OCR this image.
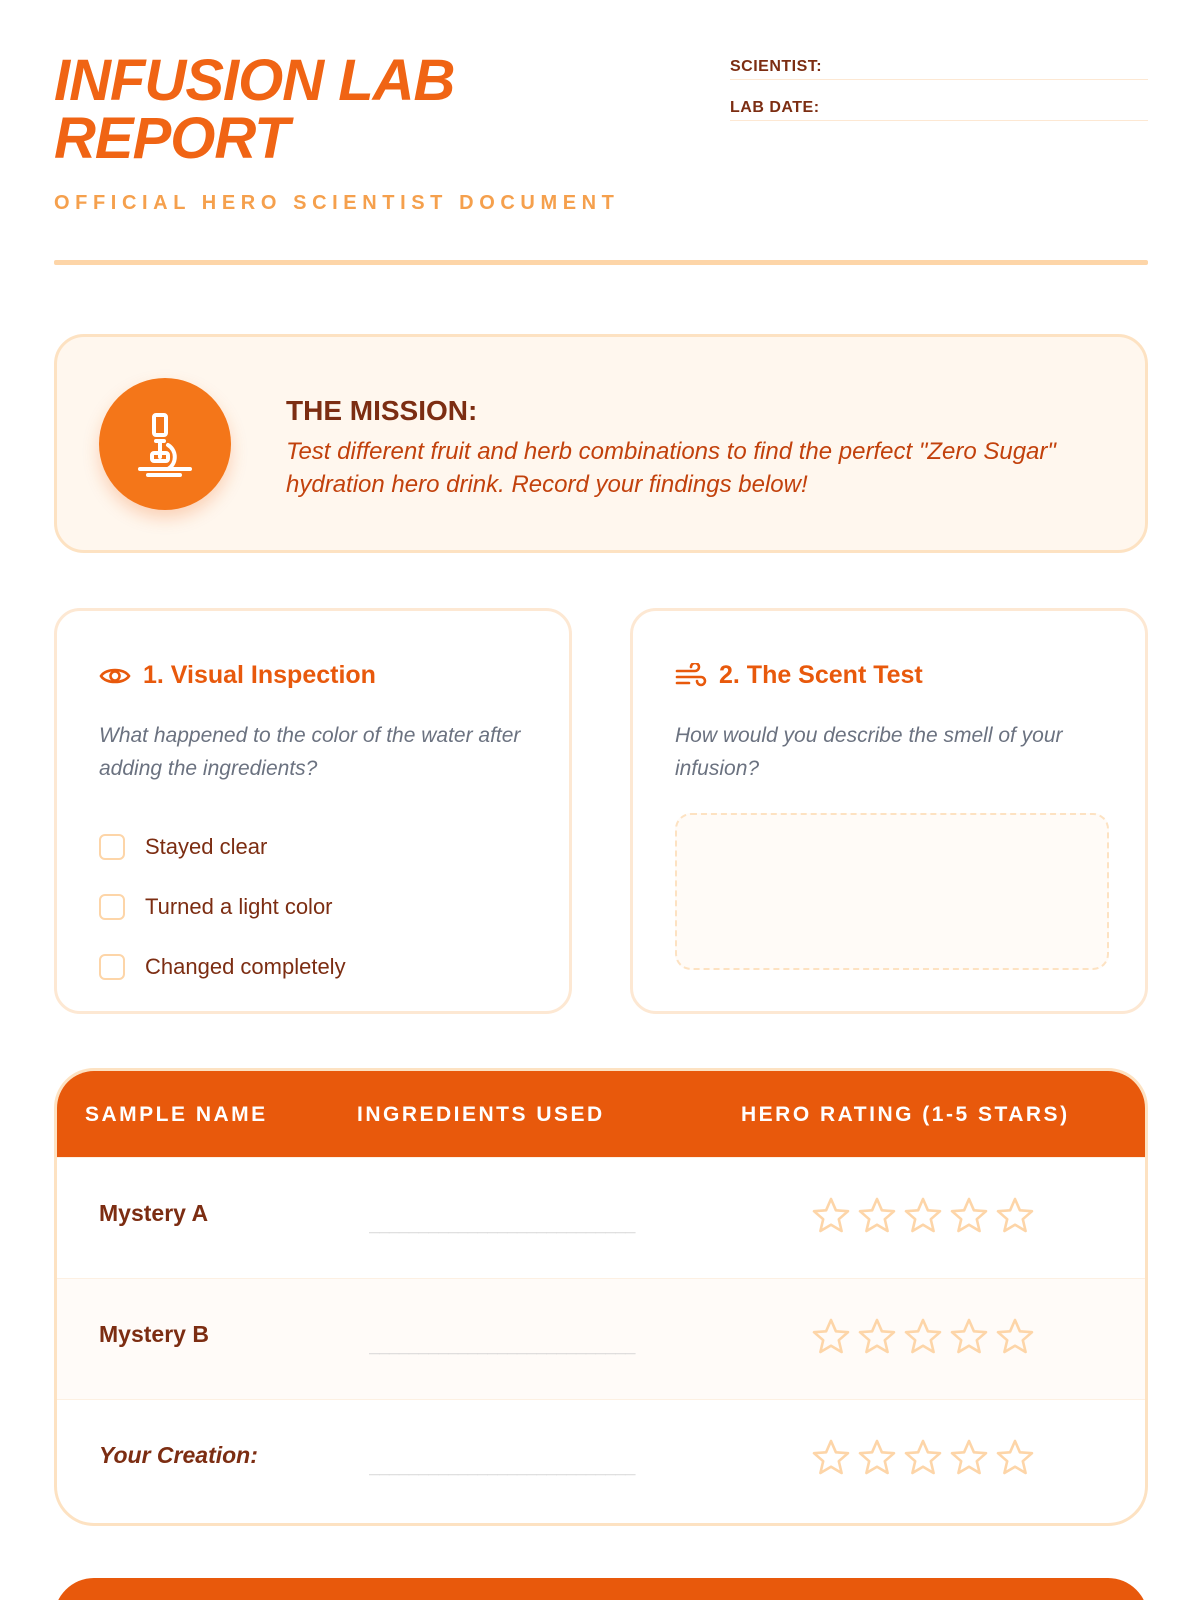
INFUSION LAB REPORT
OFFICIAL HERO SCIENTIST DOCUMENT
SCIENTIST:
LAB DATE:
THE MISSION:
Test different fruit and herb combinations to find the perfect "Zero Sugar" hydration hero drink. Record your findings below!
1. Visual Inspection
What happened to the color of the water after adding the ingredients?
Stayed clear
Turned a light color
Changed completely
2. The Scent Test
How would you describe the smell of your infusion?
SAMPLE NAME	INGREDIENTS USED	HERO RATING (1-5 STARS)
Mystery A	___________________________
Mystery B	___________________________
Your Creation:	___________________________
